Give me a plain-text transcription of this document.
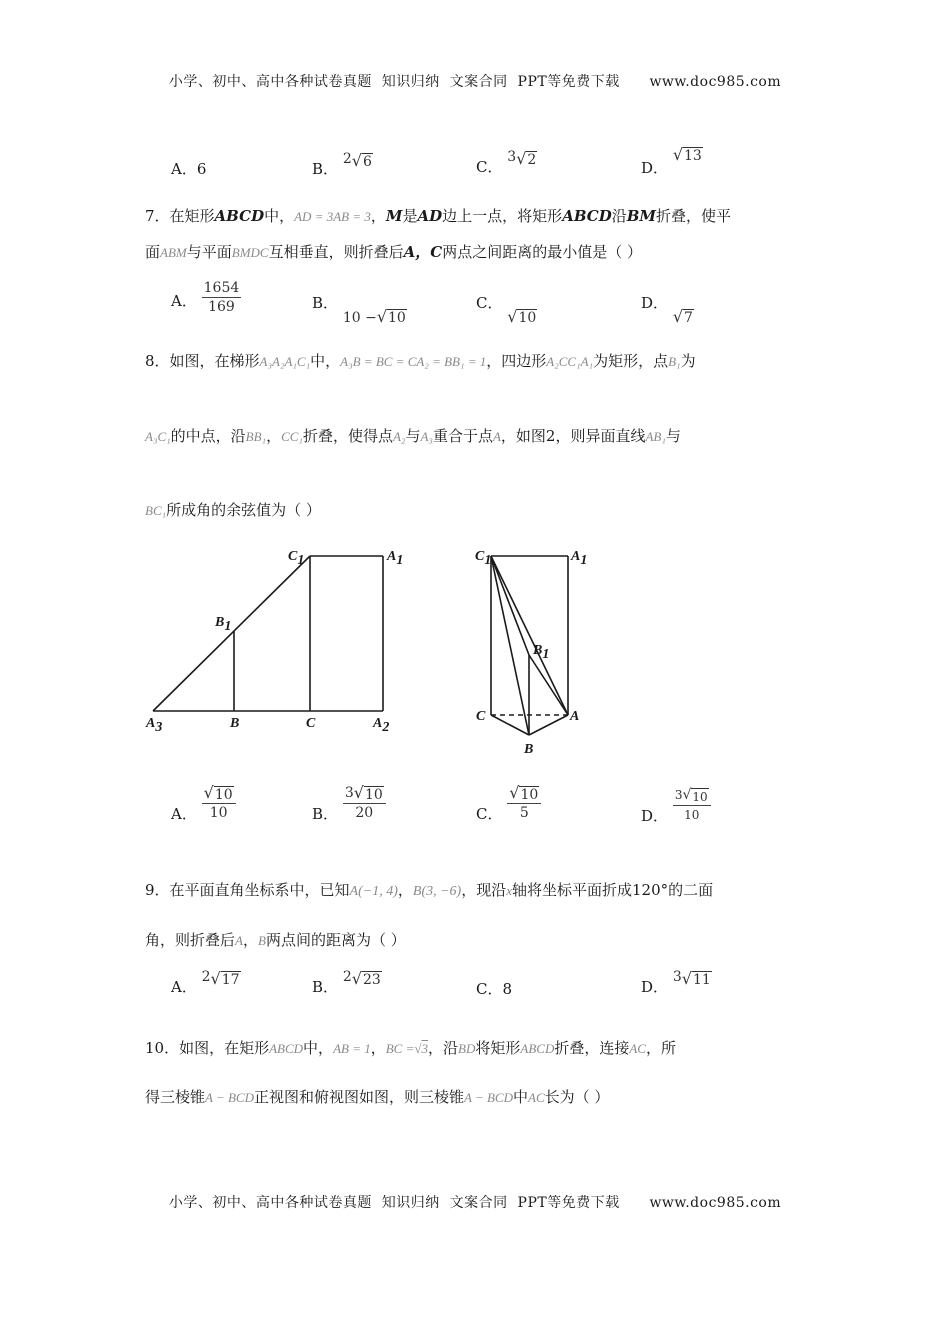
小学、初中、高中各种试卷真题  知识归纳  文案合同  PPT等免费下载      www.doc985.com
A．6	B．
2 √ 6	C．
3 √ 2	D．
√ 13
7．在矩形ABCD中，AD = 3AB = 3，M是AD边上一点，将矩形ABCD沿BM折叠，使平
面ABM与平面BMDC互相垂直，则折叠后A，C两点之间距离的最小值是（ ）
A． $\frac{1654}{169}$	B．
10 − √ 10
C．
√ 10
D．
√ 7
8．如图，在梯形A₃A₂A₁C₁中，A₃B = BC = CA₂ = BB₁ = 1，四边形A₂CC₁A₁为矩形，点B₁为
A₃C₁的中点，沿BB₁，CC₁折叠，使得点A₂与A₃重合于点A，如图2，则异面直线AB₁与
BC₁所成角的余弦值为（ ）
C1	A1
B1
A3	B	C	A2
C1	A1
B1
C	A
B
A． $\frac{√ 10}{10}$	B． $\frac{3 √ 10}{20}$	C． $\frac{√ 10}{5}$	D． $\frac{3 √ 10}{10}$
9．在平面直角坐标系中，已知A(−1, 4)，B(3, −6)，现沿x轴将坐标平面折成120°的二面
角，则折叠后A，B两点间的距离为（ ）
A．
2 √ 17	B．
2 √ 23	C．8	D．
3 √ 11
10．如图，在矩形ABCD中，AB = 1，BC =√3，沿BD将矩形ABCD折叠，连接AC，所
得三棱锥A − BCD正视图和俯视图如图，则三棱锥A − BCD中AC长为（ ）
小学、初中、高中各种试卷真题  知识归纳  文案合同  PPT等免费下载      www.doc985.com
